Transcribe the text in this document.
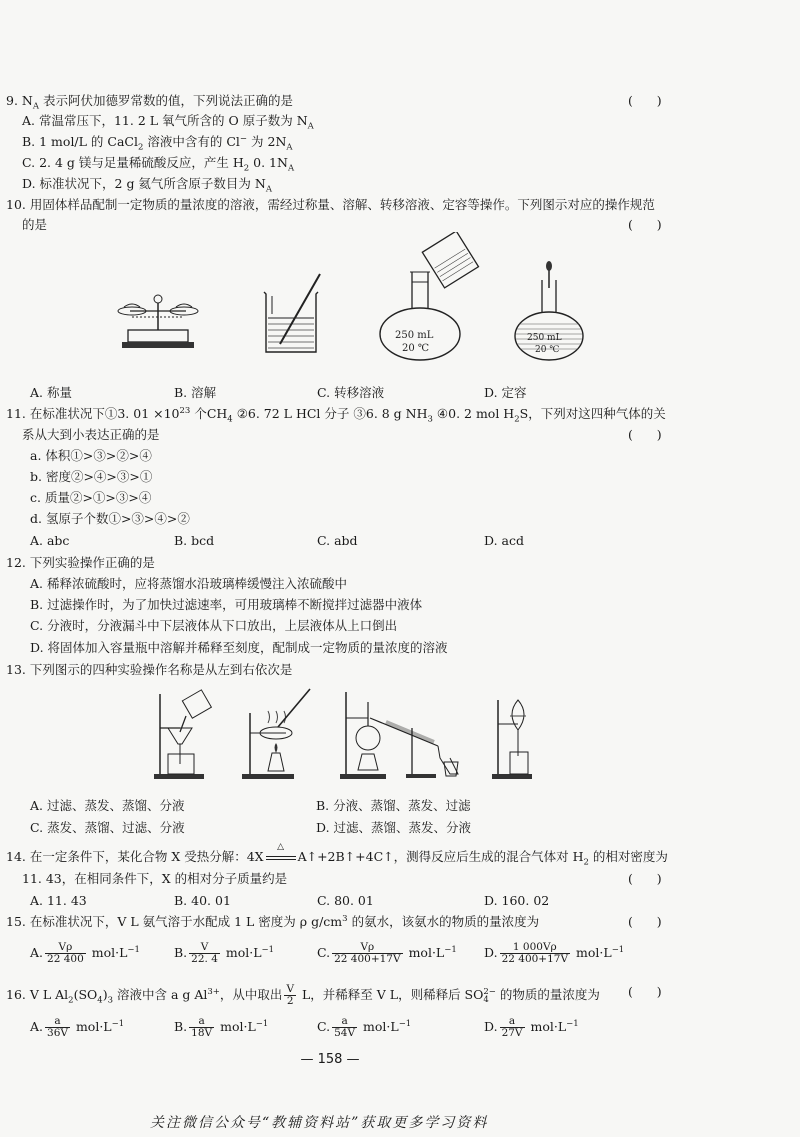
9. $N_A$ 表示阿伏加德罗常数的值，下列说法正确的是	(      )
A. 常温常压下，11. 2 L 氧气所含的 O 原子数为 $N_A$
B. 1 mol/L 的 CaCl$_2$ 溶液中含有的 Cl− 为 $2N_A$
C. 2. 4 g 镁与足量稀硫酸反应，产生 $H_2$ 0. $1N_A$
D. 标准状况下，2 g 氦气所含原子数目为 $N_A$
10. 用固体样品配制一定物质的量浓度的溶液，需经过称量、溶解、转移溶液、定容等操作。下列图示对应的操作规范
的是	(      )
250 mL
20 ℃
250 mL
20 ℃
A. 称量	B. 溶解	C. 转移溶液	D. 定容
11. 在标准状况下①3. $01 \times 10^{23}$ 个$CH_4$ ②6. 72 L HCl 分子 ③6. 8 g $NH_3$ ④0. 2 mol $H_2S$，下列对这四种气体的关
系从大到小表达正确的是	(      )
a. 体积①>③>②>④
b. 密度②>④>③>①
c. 质量②>①>③>④
d. 氢原子个数①>③>④>②
A. abc	B. bcd	C. abd	D. acd
12. 下列实验操作正确的是
A. 稀释浓硫酸时，应将蒸馏水沿玻璃棒缓慢注入浓硫酸中
B. 过滤操作时，为了加快过滤速率，可用玻璃棒不断搅拌过滤器中液体
C. 分液时，分液漏斗中下层液体从下口放出，上层液体从上口倒出
D. 将固体加入容量瓶中溶解并稀释至刻度，配制成一定物质的量浓度的溶液
13. 下列图示的四种实验操作名称是从左到右依次是
A. 过滤、蒸发、蒸馏、分液	B. 分液、蒸馏、蒸发、过滤
C. 蒸发、蒸馏、过滤、分液	D. 过滤、蒸馏、蒸发、分液
14. 在一定条件下，某化合物 X 受热分解：4X
△
A↑+2B↑+4C↑，测得反应后生成的混合气体对 $H_2$ 的相对密度为
11. 43，在相同条件下，X 的相对分子质量约是	(      )
A. 11. 43	B. 40. 01	C. 80. 01	D. 160. 02
15. 在标准状况下，V L 氨气溶于水配成 1 L 密度为 ρ $g/cm^3$ 的氨水，该氨水的物质的量浓度为	(      )
A. $\frac{V\rho}{22 400} mol\cdot L^{-1}$	B. $\frac{V}{22. 4} mol\cdot L^{-1}$	C. $\frac{V\rho}{22 400+17V} mol\cdot L^{-1}$ D. $\frac{1 000V\rho}{22 400+17V} mol\cdot L^{-1}$
16. V L $Al_2(SO_4)_3$ 溶液中含 a g $Al^{3+}$，从中取出 $\frac{V}{2}$ L，并稀释至 V L，则稀释后 SO 2−
4 的物质的量浓度为 (      )
A. $\frac{a}{36V} mol\cdot L^{-1}$	B. $\frac{a}{18V} mol\cdot L^{-1}$	C. $\frac{a}{54V} mol\cdot L^{-1}$	D. $\frac{a}{27V} mol\cdot L^{-1}$
— 158 —
关注微信公众号“教辅资料站”获取更多学习资料
